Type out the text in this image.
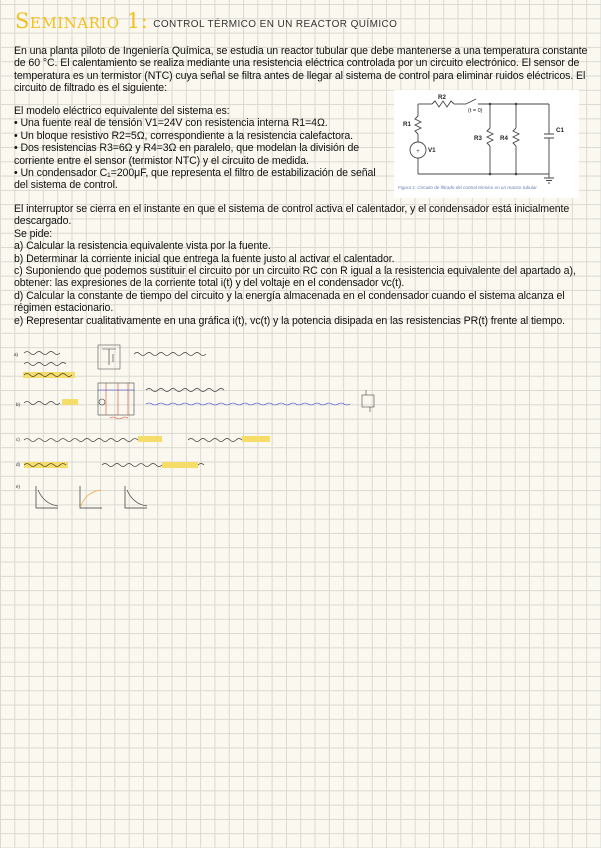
Seminario 1: CONTROL TÉRMICO EN UN REACTOR QUÍMICO
En una planta piloto de Ingeniería Química, se estudia un reactor tubular que debe mantenerse a una temperatura constante de 60 °C. El calentamiento se realiza mediante una resistencia eléctrica controlada por un circuito electrónico. El sensor de temperatura es un termistor (NTC) cuya señal se filtra antes de llegar al sistema de control para eliminar ruidos eléctricos. El circuito de filtrado es el siguiente:
El modelo eléctrico equivalente del sistema es:
• Una fuente real de tensión V1=24V con resistencia interna R1=4Ω.
• Un bloque resistivo R2=5Ω, correspondiente a la resistencia calefactora.
• Dos resistencias R3=6Ω y R4=3Ω en paralelo, que modelan la división de corriente entre el sensor (termistor NTC) y el circuito de medida.
• Un condensador C₁=200μF, que representa el filtro de estabilización de señal del sistema de control.
+
R2
(t = 0)
R1
V1
R3	R4
C1
Figura 1: Circuito de filtrado del control térmico en un reactor tubular
El interruptor se cierra en el instante en que el sistema de control activa el calentador, y el condensador está inicialmente descargado.
Se pide:
a) Calcular la resistencia equivalente vista por la fuente.
b) Determinar la corriente inicial que entrega la fuente justo al activar el calentador.
c) Suponiendo que podemos sustituir el circuito por un circuito RC con R igual a la resistencia equivalente del apartado a), obtener: las expresiones de la corriente total i(t) y del voltaje en el condensador vc(t).
d) Calcular la constante de tiempo del circuito y la energía almacenada en el condensador cuando el sistema alcanza el régimen estacionario.
e) Representar cualitativamente en una gráfica i(t), vc(t) y la potencia disipada en las resistencias PR(t) frente al tiempo.
a)
b)
c)
d)
e)
